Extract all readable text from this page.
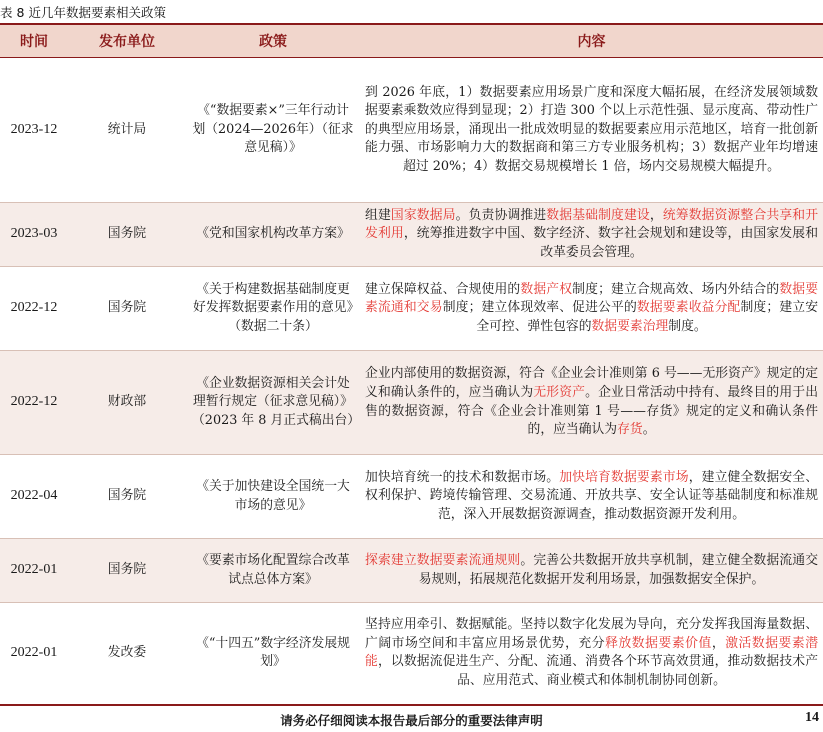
表 8 近几年数据要素相关政策
时间	发布单位	政策	内容
2023-12	统计局	《“数据要素×”三年行动计划（2024—2026年）（征求意见稿）》	到 2026 年底，1）数据要素应用场景广度和深度大幅拓展，在经济发展领域数据要素乘数效应得到显现；2）打造 300 个以上示范性强、显示度高、带动性广的典型应用场景，涌现出一批成效明显的数据要素应用示范地区，培育一批创新能力强、市场影响力大的数据商和第三方专业服务机构；3）数据产业年均增速超过 20%；4）数据交易规模增长 1 倍，场内交易规模大幅提升。
2023-03	国务院	《党和国家机构改革方案》	组建国家数据局。负责协调推进数据基础制度建设，统筹数据资源整合共享和开发利用，统筹推进数字中国、数字经济、数字社会规划和建设等，由国家发展和改革委员会管理。
2022-12	国务院	《关于构建数据基础制度更好发挥数据要素作用的意见》（数据二十条）	建立保障权益、合规使用的数据产权制度；建立合规高效、场内外结合的数据要素流通和交易制度；建立体现效率、促进公平的数据要素收益分配制度；建立安全可控、弹性包容的数据要素治理制度。
2022-12	财政部	《企业数据资源相关会计处理暂行规定（征求意见稿）》（2023 年 8 月正式稿出台）	企业内部使用的数据资源，符合《企业会计准则第 6 号——无形资产》规定的定义和确认条件的，应当确认为无形资产。企业日常活动中持有、最终目的用于出售的数据资源，符合《企业会计准则第 1 号——存货》规定的定义和确认条件的，应当确认为存货。
2022-04	国务院	《关于加快建设全国统一大市场的意见》	加快培育统一的技术和数据市场。加快培育数据要素市场，建立健全数据安全、权利保护、跨境传输管理、交易流通、开放共享、安全认证等基础制度和标准规范，深入开展数据资源调查，推动数据资源开发利用。
2022-01	国务院	《要素市场化配置综合改革试点总体方案》	探索建立数据要素流通规则。完善公共数据开放共享机制，建立健全数据流通交易规则，拓展规范化数据开发利用场景，加强数据安全保护。
2022-01	发改委	《“十四五”数字经济发展规划》	坚持应用牵引、数据赋能。坚持以数字化发展为导向，充分发挥我国海量数据、广阔市场空间和丰富应用场景优势，充分释放数据要素价值，激活数据要素潜能，以数据流促进生产、分配、流通、消费各个环节高效贯通，推动数据技术产品、应用范式、商业模式和体制机制协同创新。
请务必仔细阅读本报告最后部分的重要法律声明	14
